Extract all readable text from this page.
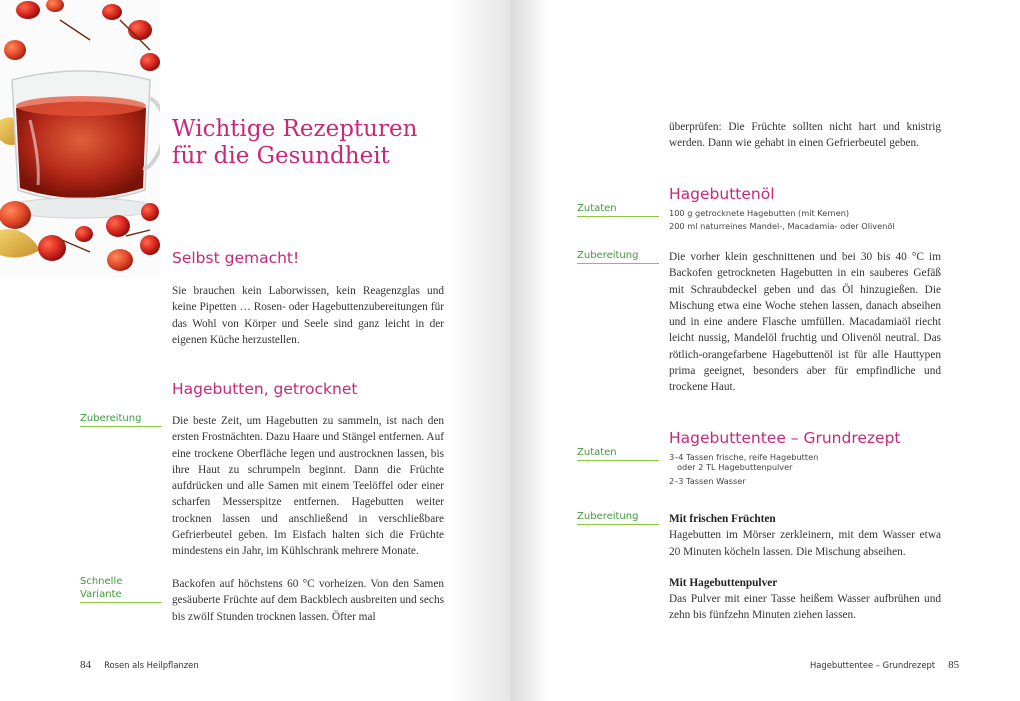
Wichtige Rezepturen
für die Gesundheit
Selbst gemacht!
Sie brauchen kein Laborwissen, kein Reagenzglas und keine Pipetten … Rosen- oder Hagebuttenzubereitungen für das Wohl von Körper und Seele sind ganz leicht in der eigenen Küche herzustellen.
Hagebutten, getrocknet
Zubereitung	Die beste Zeit, um Hagebutten zu sammeln, ist nach den ersten Frostnächten. Dazu Haare und Stängel entfernen. Auf eine trockene Oberfläche legen und austrocknen lassen, bis ihre Haut zu schrumpeln beginnt. Dann die Früchte aufdrücken und alle Samen mit einem Teelöffel oder einer scharfen Messerspitze entfernen. Hagebutten weiter trocknen lassen und anschließend in verschließbare Gefrierbeutel geben. Im Eisfach halten sich die Früchte mindestens ein Jahr, im Kühlschrank mehrere Monate.
Schnelle Variante
Backofen auf höchstens 60 °C vorheizen. Von den Samen gesäuberte Früchte auf dem Backblech ausbreiten und sechs bis zwölf Stunden trocknen lassen. Öfter mal
84 Rosen als Heilpflanzen
überprüfen: Die Früchte sollten nicht hart und knistrig werden. Dann wie gehabt in einen Gefrierbeutel geben.
Hagebuttenöl
Zutaten	100 g getrocknete Hagebutten (mit Kernen)
200 ml naturreines Mandel-, Macadamia- oder Olivenöl
Zubereitung	Die vorher klein geschnittenen und bei 30 bis 40 °C im Backofen getrockneten Hagebutten in ein sauberes Gefäß mit Schraubdeckel geben und das Öl hinzugießen. Die Mischung etwa eine Woche stehen lassen, danach abseihen und in eine andere Flasche umfüllen. Macadamiaöl riecht leicht nussig, Mandelöl fruchtig und Olivenöl neutral. Das rötlich-orangefarbene Hagebuttenöl ist für alle Hauttypen prima geeignet, besonders aber für empfindliche und trockene Haut.
Hagebuttentee – Grundrezept
Zutaten	3–4 Tassen frische, reife Hagebutten
oder 2 TL Hagebuttenpulver
2–3 Tassen Wasser
Zubereitung	Mit frischen Früchten
Hagebutten im Mörser zerkleinern, mit dem Wasser etwa 20 Minuten köcheln lassen. Die Mischung abseihen.
Mit Hagebuttenpulver
Das Pulver mit einer Tasse heißem Wasser aufbrühen und zehn bis fünfzehn Minuten ziehen lassen.
Hagebuttentee – Grundrezept 85
